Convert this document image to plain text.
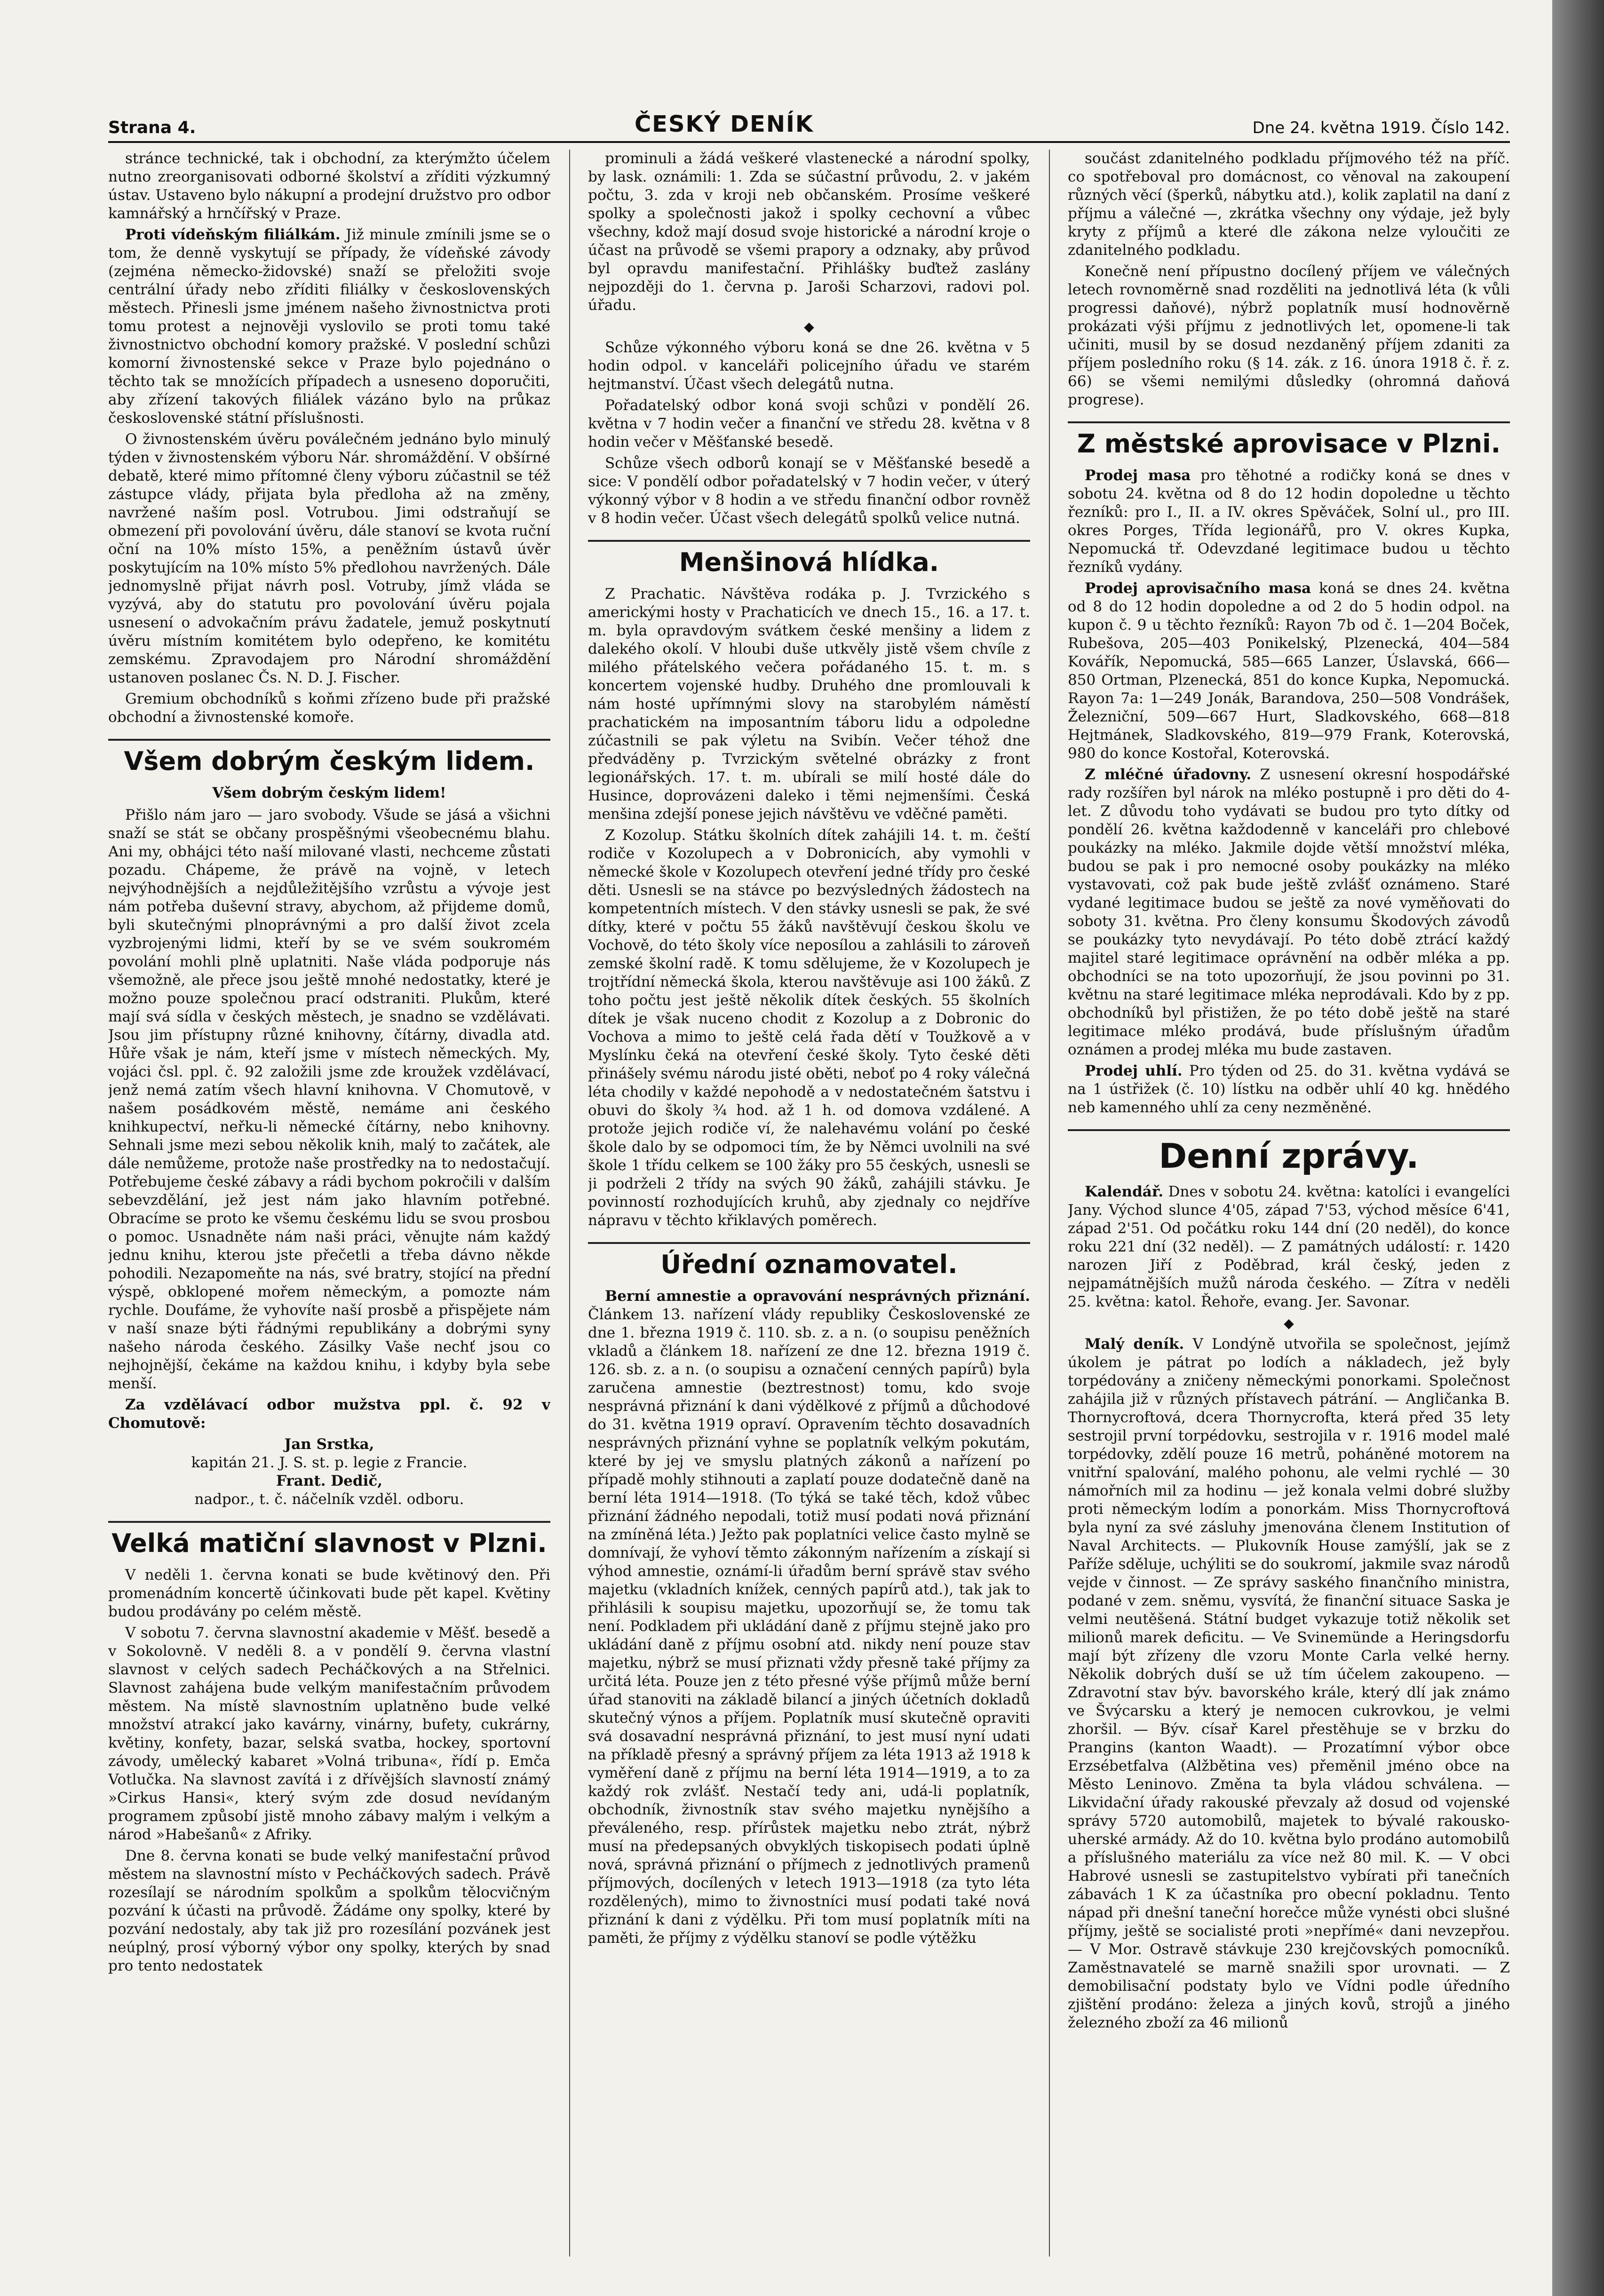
Strana 4.	ČESKÝ DENÍK	Dne 24. května 1919. Číslo 142.

stránce technické, tak i obchodní, za kterýmžto účelem nutno zreorganisovati odborné školství a zříditi výzkumný ústav. Ustaveno bylo nákupní a prodejní družstvo pro odbor kamnářský a hrnčířský v Praze.

Proti vídeňským filiálkám. Již minule zmínili jsme se o tom, že denně vyskytují se případy, že vídeňské závody (zejména německo-židovské) snaží se přeložiti svoje centrální úřady nebo zříditi filiálky v československých městech. Přinesli jsme jménem našeho živnostnictva proti tomu protest a nejnověji vyslovilo se proti tomu také živnostnictvo obchodní komory pražské. V poslední schůzi komorní živnostenské sekce v Praze bylo pojednáno o těchto tak se množících případech a usneseno doporučiti, aby zřízení takových filiálek vázáno bylo na průkaz československé státní příslušnosti.

O živnostenském úvěru poválečném jednáno bylo minulý týden v živnostenském výboru Nár. shromáždění. V obšírné debatě, které mimo přítomné členy výboru zúčastnil se též zástupce vlády, přijata byla předloha až na změny, navržené naším posl. Votrubou. Jimi odstraňují se obmezení při povolování úvěru, dále stanoví se kvota ruční oční na 10% místo 15%, a peněžním ústavů úvěr poskytujícím na 10% místo 5% předlohou navržených. Dále jednomyslně přijat návrh posl. Votruby, jímž vláda se vyzývá, aby do statutu pro povolování úvěru pojala usnesení o advokačním právu žadatele, jemuž poskytnutí úvěru místním komitétem bylo odepřeno, ke komitétu zemskému. Zpravodajem pro Národní shromáždění ustanoven poslanec Čs. N. D. J. Fischer.

Gremium obchodníků s koňmi zřízeno bude při pražské obchodní a živnostenské komoře.

Všem dobrým českým lidem.
Všem dobrým českým lidem!

Přišlo nám jaro — jaro svobody. Všude se jásá a všichni snaží se stát se občany prospěšnými všeobecnému blahu. Ani my, obhájci této naší milované vlasti, nechceme zůstati pozadu. Chápeme, že právě na vojně, v letech nejvýhodnějších a nejdůležitějšího vzrůstu a vývoje jest nám potřeba duševní stravy, abychom, až přijdeme domů, byli skutečnými plnoprávnými a pro další život zcela vyzbrojenými lidmi, kteří by se ve svém soukromém povolání mohli plně uplatniti. Naše vláda podporuje nás všemožně, ale přece jsou ještě mnohé nedostatky, které je možno pouze společnou prací odstraniti. Plukům, které mají svá sídla v českých městech, je snadno se vzdělávati. Jsou jim přístupny různé knihovny, čítárny, divadla atd. Hůře však je nám, kteří jsme v místech německých. My, vojáci čsl. ppl. č. 92 založili jsme zde kroužek vzdělávací, jenž nemá zatím všech hlavní knihovna. V Chomutově, v našem posádkovém městě, nemáme ani českého knihkupectví, neřku-li německé čítárny, nebo knihovny. Sehnali jsme mezi sebou několik knih, malý to začátek, ale dále nemůžeme, protože naše prostředky na to nedostačují. Potřebujeme české zábavy a rádi bychom pokročili v dalším sebevzdělání, jež jest nám jako hlavním potřebné. Obracíme se proto ke všemu českému lidu se svou prosbou o pomoc. Usnadněte nám naši práci, věnujte nám každý jednu knihu, kterou jste přečetli a třeba dávno někde pohodili. Nezapomeňte na nás, své bratry, stojící na přední výspě, obklopené mořem německým, a pomozte nám rychle. Doufáme, že vyhovíte naší prosbě a přispějete nám v naší snaze býti řádnými republikány a dobrými syny našeho národa českého. Zásilky Vaše nechť jsou co nejhojnější, čekáme na každou knihu, i kdyby byla sebe menší.

Za vzdělávací odbor mužstva ppl. č. 92 v Chomutově:

Jan Srstka,
kapitán 21. J. S. st. p. legie z Francie.
Frant. Dedič,
nadpor., t. č. náčelník vzděl. odboru.
Velká matiční slavnost v Plzni.

V neděli 1. června konati se bude květinový den. Při promenádním koncertě účinkovati bude pět kapel. Květiny budou prodávány po celém městě.

V sobotu 7. června slavnostní akademie v Měšť. besedě a v Sokolovně. V neděli 8. a v pondělí 9. června vlastní slavnost v celých sadech Pecháčkových a na Střelnici. Slavnost zahájena bude velkým manifestačním průvodem městem. Na místě slavnostním uplatněno bude velké množství atrakcí jako kavárny, vinárny, bufety, cukrárny, květiny, konfety, bazar, selská svatba, hockey, sportovní závody, umělecký kabaret »Volná tribuna«, řídí p. Emča Votlučka. Na slavnost zavítá i z dřívějších slavností známý »Cirkus Hansi«, který svým zde dosud nevídaným programem způsobí jistě mnoho zábavy malým i velkým a národ »Habešanů« z Afriky.

Dne 8. června konati se bude velký manifestační průvod městem na slavnostní místo v Pecháčkových sadech. Právě rozesílají se národním spolkům a spolkům tělocvičným pozvání k účasti na průvodě. Žádáme ony spolky, které by pozvání nedostaly, aby tak již pro rozesílání pozvánek jest neúplný, prosí výborný výbor ony spolky, kterých by snad pro tento nedostatek

prominuli a žádá veškeré vlastenecké a národní spolky, by lask. oznámili: 1. Zda se súčastní průvodu, 2. v jakém počtu, 3. zda v kroji neb občanském. Prosíme veškeré spolky a společnosti jakož i spolky cechovní a vůbec všechny, kdož mají dosud svoje historické a národní kroje o účast na průvodě se všemi prapory a odznaky, aby průvod byl opravdu manifestační. Přihlášky buďtež zaslány nejpozději do 1. června p. Jaroši Scharzovi, radovi pol. úřadu.

◆

Schůze výkonného výboru koná se dne 26. května v 5 hodin odpol. v kanceláři policejního úřadu ve starém hejtmanství. Účast všech delegátů nutna.

Pořadatelský odbor koná svoji schůzi v pondělí 26. května v 7 hodin večer a finanční ve středu 28. května v 8 hodin večer v Měšťanské besedě.

Schůze všech odborů konají se v Měšťanské besedě a sice: V pondělí odbor pořadatelský v 7 hodin večer, v úterý výkonný výbor v 8 hodin a ve středu finanční odbor rovněž v 8 hodin večer. Účast všech delegátů spolků velice nutná.

Menšinová hlídka.

Z Prachatic. Návštěva rodáka p. J. Tvrzického s americkými hosty v Prachaticích ve dnech 15., 16. a 17. t. m. byla opravdovým svátkem české menšiny a lidem z dalekého okolí. V hloubi duše utkvěly jistě všem chvíle z milého přátelského večera pořádaného 15. t. m. s koncertem vojenské hudby. Druhého dne promlouvali k nám hosté upřímnými slovy na starobylém náměstí prachatickém na imposantním táboru lidu a odpoledne zúčastnili se pak výletu na Svibín. Večer téhož dne předváděny p. Tvrzickým světelné obrázky z front legionářských. 17. t. m. ubírali se milí hosté dále do Husince, doprovázeni daleko i těmi nejmenšími. Česká menšina zdejší ponese jejich návštěvu ve vděčné paměti.

Z Kozolup. Státku školních dítek zahájili 14. t. m. čeští rodiče v Kozolupech a v Dobronicích, aby vymohli v německé škole v Kozolupech otevření jedné třídy pro české děti. Usnesli se na stávce po bezvýsledných žádostech na kompetentních místech. V den stávky usnesli se pak, že své dítky, které v počtu 55 žáků navštěvují českou školu ve Vochově, do této školy více neposílou a zahlásili to zároveň zemské školní radě. K tomu sdělujeme, že v Kozolupech je trojtřídní německá škola, kterou navštěvuje asi 100 žáků. Z toho počtu jest ještě několik dítek českých. 55 školních dítek je však nuceno chodit z Kozolup a z Dobronic do Vochova a mimo to ještě celá řada dětí v Toužkově a v Myslínku čeká na otevření české školy. Tyto české děti přinášely svému národu jisté oběti, neboť po 4 roky válečná léta chodily v každé nepohodě a v nedostatečném šatstvu i obuvi do školy ¾ hod. až 1 h. od domova vzdálené. A protože jejich rodiče ví, že nalehavému volání po české škole dalo by se odpomoci tím, že by Němci uvolnili na své škole 1 třídu celkem se 100 žáky pro 55 českých, usnesli se ji podrželi 2 třídy na svých 90 žáků, zahájili stávku. Je povinností rozhodujících kruhů, aby zjednaly co nejdříve nápravu v těchto křiklavých poměrech.

Úřední oznamovatel.

Berní amnestie a opravování nesprávných přiznání. Článkem 13. nařízení vlády republiky Československé ze dne 1. března 1919 č. 110. sb. z. a n. (o soupisu peněžních vkladů a článkem 18. nařízení ze dne 12. března 1919 č. 126. sb. z. a n. (o soupisu a označení cenných papírů) byla zaručena amnestie (beztrestnost) tomu, kdo svoje nesprávná přiznání k dani výdělkové z příjmů a důchodové do 31. května 1919 opraví. Opravením těchto dosavadních nesprávných přiznání vyhne se poplatník velkým pokutám, které by jej ve smyslu platných zákonů a nařízení po případě mohly stihnouti a zaplatí pouze dodatečně daně na berní léta 1914—1918. (To týká se také těch, kdož vůbec přiznání žádného nepodali, totiž musí podati nová přiznání na zmíněná léta.) Ježto pak poplatníci velice často mylně se domnívají, že vyhoví těmto zákonným nařízením a získají si výhod amnestie, oznámí-li úřadům berní správě stav svého majetku (vkladních knížek, cenných papírů atd.), tak jak to přihlásili k soupisu majetku, upozorňují se, že tomu tak není. Podkladem při ukládání daně z příjmu stejně jako pro ukládání daně z příjmu osobní atd. nikdy není pouze stav majetku, nýbrž se musí přiznati vždy přesně také příjmy za určitá léta. Pouze jen z této přesné výše příjmů může berní úřad stanoviti na základě bilancí a jiných účetních dokladů skutečný výnos a příjem. Poplatník musí skutečně opraviti svá dosavadní nesprávná přiznání, to jest musí nyní udati na příkladě přesný a správný příjem za léta 1913 až 1918 k vyměření daně z příjmu na berní léta 1914—1919, a to za každý rok zvlášť. Nestačí tedy ani, udá-li poplatník, obchodník, živnostník stav svého majetku nynějšího a převáleného, resp. přírůstek majetku nebo ztrát, nýbrž musí na předepsaných obvyklých tiskopisech podati úplně nová, správná přiznání o příjmech z jednotlivých pramenů příjmových, docílených v letech 1913—1918 (za tyto léta rozdělených), mimo to živnostníci musí podati také nová přiznání k dani z výdělku. Při tom musí poplatník míti na paměti, že příjmy z výdělku stanoví se podle výtěžku

součást zdanitelného podkladu příjmového též na příč. co spotřeboval pro domácnost, co věnoval na zakoupení různých věcí (šperků, nábytku atd.), kolik zaplatil na daní z příjmu a válečné —, zkrátka všechny ony výdaje, jež byly kryty z příjmů a které dle zákona nelze vyloučiti ze zdanitelného podkladu.

Konečně není přípustno docílený příjem ve válečných letech rovnoměrně snad rozděliti na jednotlivá léta (k vůli progressi daňové), nýbrž poplatník musí hodnověrně prokázati výši příjmu z jednotlivých let, opomene-li tak učiniti, musil by se dosud nezdaněný příjem zdaniti za příjem posledního roku (§ 14. zák. z 16. února 1918 č. ř. z. 66) se všemi nemilými důsledky (ohromná daňová progrese).

Z městské aprovisace v Plzni.

Prodej masa pro těhotné a rodičky koná se dnes v sobotu 24. května od 8 do 12 hodin dopoledne u těchto řezníků: pro I., II. a IV. okres Spěváček, Solní ul., pro III. okres Porges, Třída legionářů, pro V. okres Kupka, Nepomucká tř. Odevzdané legitimace budou u těchto řezníků vydány.

Prodej aprovisačního masa koná se dnes 24. května od 8 do 12 hodin dopoledne a od 2 do 5 hodin odpol. na kupon č. 9 u těchto řezníků: Rayon 7b od č. 1—204 Boček, Rubešova, 205—403 Ponikelský, Plzenecká, 404—584 Kovářík, Nepomucká, 585—665 Lanzer, Úslavská, 666—850 Ortman, Plzenecká, 851 do konce Kupka, Nepomucká. Rayon 7a: 1—249 Jonák, Barandova, 250—508 Vondrášek, Železniční, 509—667 Hurt, Sladkovského, 668—818 Hejtmánek, Sladkovského, 819—979 Frank, Koterovská, 980 do konce Kostořal, Koterovská.

Z mléčné úřadovny. Z usnesení okresní hospodářské rady rozšířen byl nárok na mléko postupně i pro děti do 4-let. Z důvodu toho vydávati se budou pro tyto dítky od pondělí 26. května každodenně v kanceláři pro chlebové poukázky na mléko. Jakmile dojde větší množství mléka, budou se pak i pro nemocné osoby poukázky na mléko vystavovati, což pak bude ještě zvlášť oznámeno. Staré vydané legitimace budou se ještě za nové vyměňovati do soboty 31. května. Pro členy konsumu Škodových závodů se poukázky tyto nevydávají. Po této době ztrácí každý majitel staré legitimace oprávnění na odběr mléka a pp. obchodníci se na toto upozorňují, že jsou povinni po 31. květnu na staré legitimace mléka neprodávali. Kdo by z pp. obchodníků byl přistižen, že po této době ještě na staré legitimace mléko prodává, bude příslušným úřadům oznámen a prodej mléka mu bude zastaven.

Prodej uhlí. Pro týden od 25. do 31. května vydává se na 1 ústřižek (č. 10) lístku na odběr uhlí 40 kg. hnědého neb kamenného uhlí za ceny nezměněné.

Denní zprávy.

Kalendář. Dnes v sobotu 24. května: katolíci i evangelíci Jany. Východ slunce 4'05, západ 7'53, východ měsíce 6'41, západ 2'51. Od počátku roku 144 dní (20 neděl), do konce roku 221 dní (32 neděl). — Z památných událostí: r. 1420 narozen Jiří z Poděbrad, král český, jeden z nejpamátnějších mužů národa českého. — Zítra v neděli 25. května: katol. Řehoře, evang. Jer. Savonar.

◆

Malý deník. V Londýně utvořila se společnost, jejímž úkolem je pátrat po lodích a nákladech, jež byly torpédovány a zničeny německými ponorkami. Společnost zahájila již v různých přístavech pátrání. — Angličanka B. Thornycroftová, dcera Thornycrofta, která před 35 lety sestrojil první torpédovku, sestrojila v r. 1916 model malé torpédovky, zdělí pouze 16 metrů, poháněné motorem na vnitřní spalování, malého pohonu, ale velmi rychlé — 30 námořních mil za hodinu — jež konala velmi dobré služby proti německým lodím a ponorkám. Miss Thornycroftová byla nyní za své zásluhy jmenována členem Institution of Naval Architects. — Plukovník House zamýšlí, jak se z Paříže sděluje, uchýliti se do soukromí, jakmile svaz národů vejde v činnost. — Ze správy saského finančního ministra, podané v zem. sněmu, vysvítá, že finanční situace Saska je velmi neutěšená. Státní budget vykazuje totiž několik set milionů marek deficitu. — Ve Svinemünde a Heringsdorfu mají být zřízeny dle vzoru Monte Carla velké herny. Několik dobrých duší se už tím účelem zakoupeno. — Zdravotní stav býv. bavorského krále, který dlí jak známo ve Švýcarsku a který je nemocen cukrovkou, je velmi zhoršil. — Býv. císař Karel přestěhuje se v brzku do Prangins (kanton Waadt). — Prozatímní výbor obce Erzsébetfalva (Alžbětina ves) přeměnil jméno obce na Město Leninovo. Změna ta byla vládou schválena. — Likvidační úřady rakouské převzaly až dosud od vojenské správy 5720 automobilů, majetek to bývalé rakousko-uherské armády. Až do 10. května bylo prodáno automobilů a příslušného materiálu za více než 80 mil. K. — V obci Habrové usnesli se zastupitelstvo vybírati při tanečních zábavách 1 K za účastníka pro obecní pokladnu. Tento nápad při dnešní taneční horečce může vynésti obci slušné příjmy, ještě se socialisté proti »nepřímé« dani nevzepřou. — V Mor. Ostravě stávkuje 230 krejčovských pomocníků. Zaměstnavatelé se marně snažili spor urovnati. — Z demobilisační podstaty bylo ve Vídni podle úředního zjištění prodáno: železa a jiných kovů, strojů a jiného železného zboží za 46 milionů
